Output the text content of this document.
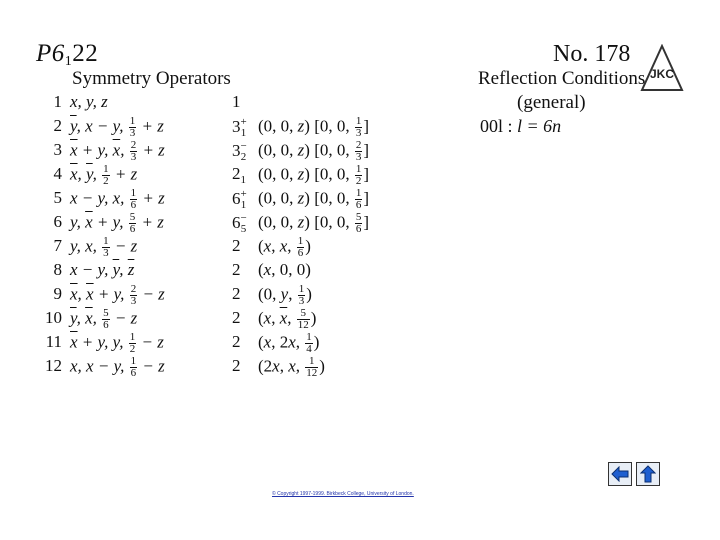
$P6_122$	No. 178
JKC
Symmetry Operators	Reflection Conditions
(general)
00l : l = 6n
1 x, y, z	1
2 $\overline{y}$, x − y, $\frac{1}{3} + z$	$3^+_1$ (0, 0, z) [0, 0, $\frac{1}{3}$ ]
3 $\overline{x} + y$, $\overline{x}$, $\frac{2}{3} + z$	$3^-_2$ (0, 0, z) [0, 0, $\frac{2}{3}$ ]
4 $\overline{x}$, $\overline{y}$, $\frac{1}{2} + z$	$2_1$ (0, 0, z) [0, 0, $\frac{1}{2}$ ]
5 x − y, x, $\frac{1}{6} + z$	$6^+_1$ (0, 0, z) [0, 0, $\frac{1}{6}$ ]
6 y, $\overline{x} + y$, $\frac{5}{6} + z$	$6^-_5$ (0, 0, z) [0, 0, $\frac{5}{6}$ ]
7 y, x, $\frac{1}{3} - z$	2 (x, x, $\frac{1}{6}$ )
8 x − y, $\overline{y}$, $\overline{z}$	2 (x, 0, 0)
9 $\overline{x}$, $\overline{x} + y$, $\frac{2}{3} - z$	2 (0, y, $\frac{1}{3}$ )
10 $\overline{y}$, $\overline{x}$, $\frac{5}{6} - z$	2 (x, $\overline{x}$, $\frac{5}{12}$ )
11 $\overline{x} + y$, y, $\frac{1}{2} - z$	2 (x, 2x, $\frac{1}{4}$ )
12 x, x − y, $\frac{1}{6} - z$	2 (2x, x, $\frac{1}{12}$ )
© Copyright 1997-1999. Birkbeck College, University of London.
